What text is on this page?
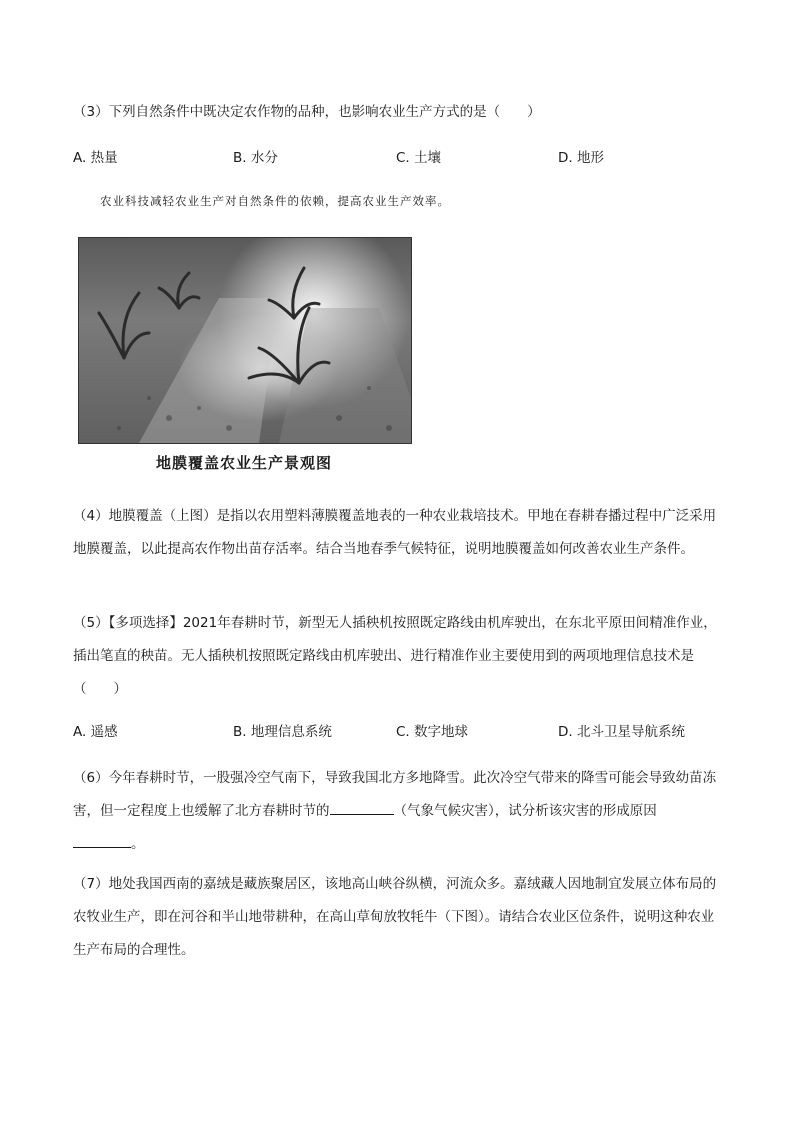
（3）下列自然条件中既决定农作物的品种，也影响农业生产方式的是（　　）
A. 热量	B. 水分	C. 土壤	D. 地形
农业科技减轻农业生产对自然条件的依赖，提高农业生产效率。
地膜覆盖农业生产景观图
（4）地膜覆盖（上图）是指以农用塑料薄膜覆盖地表的一种农业栽培技术。甲地在春耕春播过程中广泛采用地膜覆盖，以此提高农作物出苗存活率。结合当地春季气候特征，说明地膜覆盖如何改善农业生产条件。
（5）【多项选择】2021年春耕时节，新型无人插秧机按照既定路线由机库驶出，在东北平原田间精准作业，插出笔直的秧苗。无人插秧机按照既定路线由机库驶出、进行精准作业主要使用到的两项地理信息技术是（　　）
A. 遥感	B. 地理信息系统	C. 数字地球	D. 北斗卫星导航系统
（6）今年春耕时节，一股强冷空气南下，导致我国北方多地降雪。此次冷空气带来的降雪可能会导致幼苗冻害，但一定程度上也缓解了北方春耕时节的	（气象气候灾害），试分析该灾害的形成原因
。
（7）地处我国西南的嘉绒是藏族聚居区，该地高山峡谷纵横，河流众多。嘉绒藏人因地制宜发展立体布局的农牧业生产，即在河谷和半山地带耕种，在高山草甸放牧牦牛（下图）。请结合农业区位条件，说明这种农业生产布局的合理性。
